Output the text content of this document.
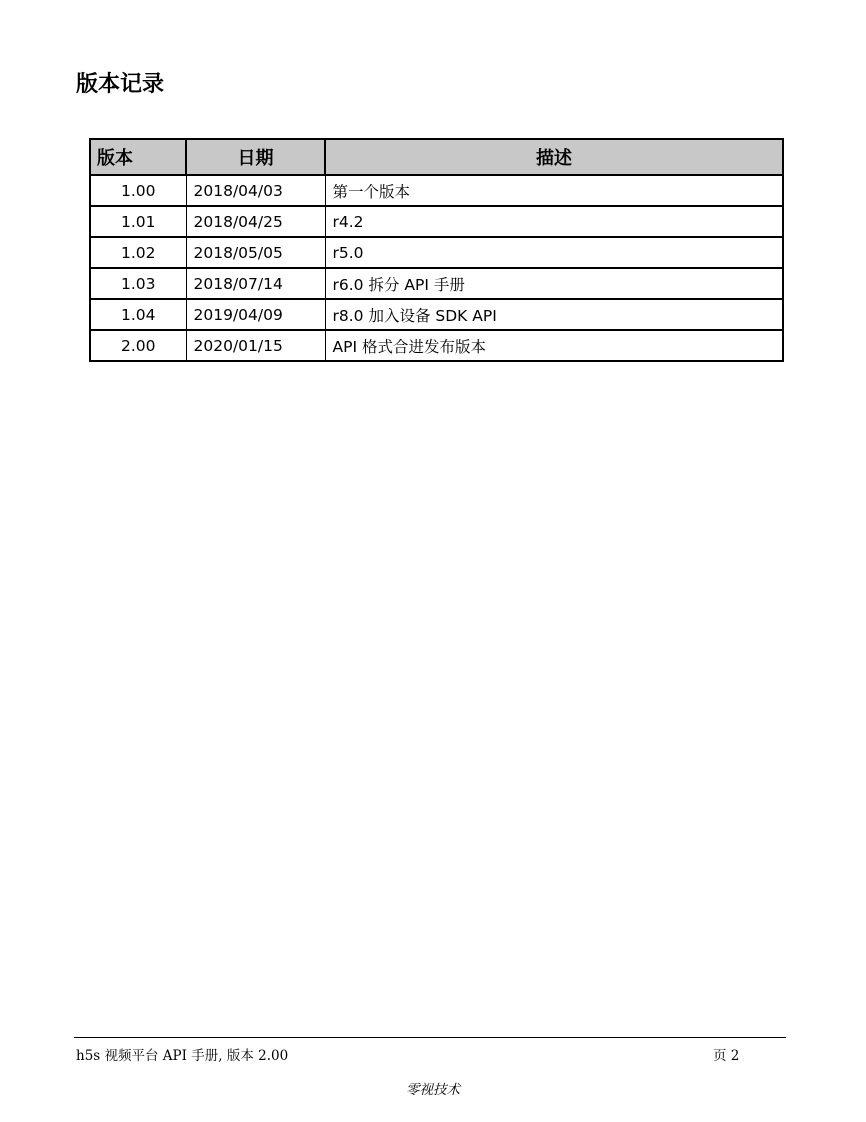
版本记录
版本	日期	描述
1.00	2018/04/03	第一个版本
1.01	2018/04/25	r4.2
1.02	2018/05/05	r5.0
1.03	2018/07/14	r6.0 拆分 API 手册
1.04	2019/04/09	r8.0 加入设备 SDK API
2.00	2020/01/15	API 格式合进发布版本
h5s 视频平台 API 手册, 版本 2.00	页 2
零视技术
